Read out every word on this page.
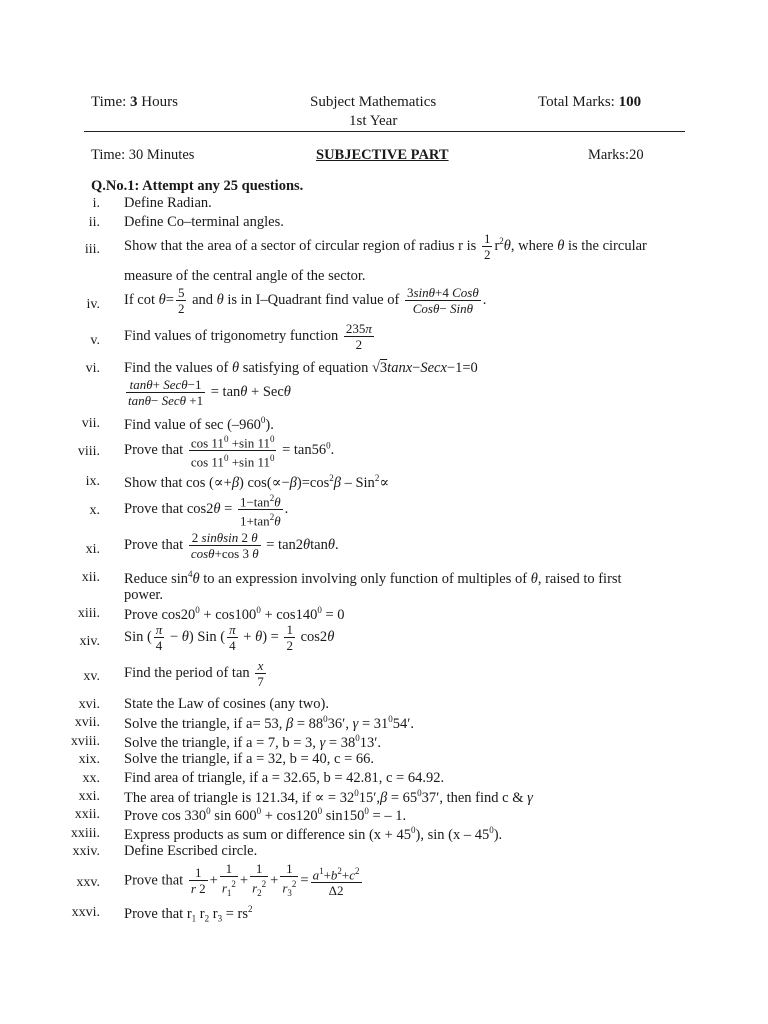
Time: 3 Hours	Subject Mathematics
1st Year
Total Marks: 100
Time: 30 Minutes	SUBJECTIVE PART	Marks:20
Q.No.1: Attempt any 25 questions.
i. Define Radian.
ii. Define Co–terminal angles.
iii. Show that the area of a sector of circular region of radius r is $\frac{1}{2} r^2\theta$, where θ is the circular
measure of the central angle of the sector.
iv. If $\cot \theta= \frac{5}{2}$ and θ is in I–Quadrant find value of $\frac{\text{3sinθ+4 Cosθ}}{\text{Cosθ− Sinθ}}$ .
v. Find values of trigonometry function $\frac{235\pi}{2}$
vi. Find the values of θ satisfying of equation √3tanx−Secx−1=0
$\frac{\text{tanθ+ Secθ−1}}{\text{tanθ− Secθ +1}} = \tan\theta + Sec\theta$
vii. Find value of $\sec (-960^0)$.
viii. Prove that $\frac{\cos 11^0 +\sin 11^0}{\cos 11^0 +\sin 11^0} = \tan 56^0$.
ix. Show that cos (∝+β) $\cos(\propto-\beta)=\cos^2\beta - Sin^2\propto$
x. Prove that $\cos 2\theta = \frac{1-\tan^2\theta}{1+\tan^2\theta}$ .
xi. Prove that $\frac{2 \sin\theta\sin 2 \theta}{\cos\theta+\cos 3 \theta} = \tan 2\theta\tan\theta$.
xii. Reduce $\sin^4\theta$ to an expression involving only function of multiples of θ, raised to first
power.
xiii. Prove $\cos 20^0 + \cos 100^0 + \cos 140^0 = 0$
xiv. Sin ( $\frac{\pi}{4} - \theta$) Sin ( $\frac{\pi}{4} + \theta) = \frac{1}{2} \cos 2\theta$
xv. Find the period of $\tan \frac{x}{7}$
xvi. State the Law of cosines (any two).
xvii. Solve the triangle, if a= 53, $\beta = 88^036'$, $\gamma = 31^054'$.
xviii. Solve the triangle, if a = 7, b = 3, $\gamma = 38^013'$.
xix. Solve the triangle, if a = 32, b = 40, c = 66.
xx. Find area of triangle, if a = 32.65, b = 42.81, c = 64.92.
xxi. The area of triangle is 121.34, if ∝ = $32^015',\beta = 65^037'$, then find c & γ
xxii. Prove $\cos 330^0$ $\sin 600^0 + \cos 120^0$ $\sin 150^0$ = – 1.
xxiii. Express products as sum or difference $\sin (x + 45^0)$, $\sin (x - 45^0)$.
xxiv. Define Escribed circle.
xxv. Prove that $\frac{1}{r 2} + \frac{1}{r_1^2} + \frac{1}{r_2^2} + \frac{1}{r_3^2} = \frac{a^1+b^2+c^2}{\Delta 2}$
xxvi. Prove that $r_1$ $r_2$ $r_3 = rs^2$
